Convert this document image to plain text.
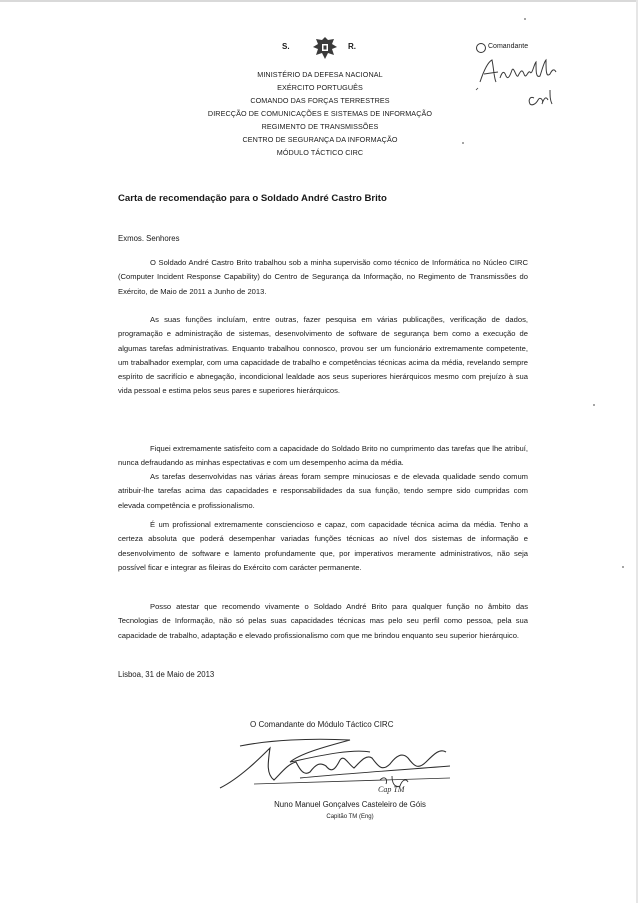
S.	R.
MINISTÉRIO DA DEFESA NACIONAL
EXÉRCITO PORTUGUÊS
COMANDO DAS FORÇAS TERRESTRES
DIRECÇÃO DE COMUNICAÇÕES E SISTEMAS DE INFORMAÇÃO
REGIMENTO DE TRANSMISSÕES
CENTRO DE SEGURANÇA DA INFORMAÇÃO
MÓDULO TÁCTICO CIRC
Comandante
Carta de recomendação para o Soldado André Castro Brito
Exmos. Senhores

O Soldado André Castro Brito trabalhou sob a minha supervisão como técnico de Informática no Núcleo CIRC (Computer Incident Response Capability) do Centro de Segurança da Informação, no Regimento de Transmissões do Exército, de Maio de 2011 a Junho de 2013.

As suas funções incluíam, entre outras, fazer pesquisa em várias publicações, verificação de dados, programação e administração de sistemas, desenvolvimento de software de segurança bem como a execução de algumas tarefas administrativas. Enquanto trabalhou connosco, provou ser um funcionário extremamente competente, um trabalhador exemplar, com uma capacidade de trabalho e competências técnicas acima da média, revelando sempre espírito de sacrifício e abnegação, incondicional lealdade aos seus superiores hierárquicos mesmo com prejuízo à sua vida pessoal e estima pelos seus pares e superiores hierárquicos.

Fiquei extremamente satisfeito com a capacidade do Soldado Brito no cumprimento das tarefas que lhe atribuí, nunca defraudando as minhas espectativas e com um desempenho acima da média.

As tarefas desenvolvidas nas várias áreas foram sempre minuciosas e de elevada qualidade sendo comum atribuir-lhe tarefas acima das capacidades e responsabilidades da sua função, tendo sempre sido cumpridas com elevada competência e profissionalismo.

É um profissional extremamente consciencioso e capaz, com capacidade técnica acima da média. Tenho a certeza absoluta que poderá desempenhar variadas funções técnicas ao nível dos sistemas de informação e desenvolvimento de software e lamento profundamente que, por imperativos meramente administrativos, não seja possível ficar e integrar as fileiras do Exército com carácter permanente.

Posso atestar que recomendo vivamente o Soldado André Brito para qualquer função no âmbito das Tecnologias de Informação, não só pelas suas capacidades técnicas mas pelo seu perfil como pessoa, pela sua capacidade de trabalho, adaptação e elevado profissionalismo com que me brindou enquanto seu superior hierárquico.

Lisboa, 31 de Maio de 2013
O Comandante do Módulo Táctico CIRC
Cap TM
Nuno Manuel Gonçalves Casteleiro de Góis
Capitão TM (Eng)
